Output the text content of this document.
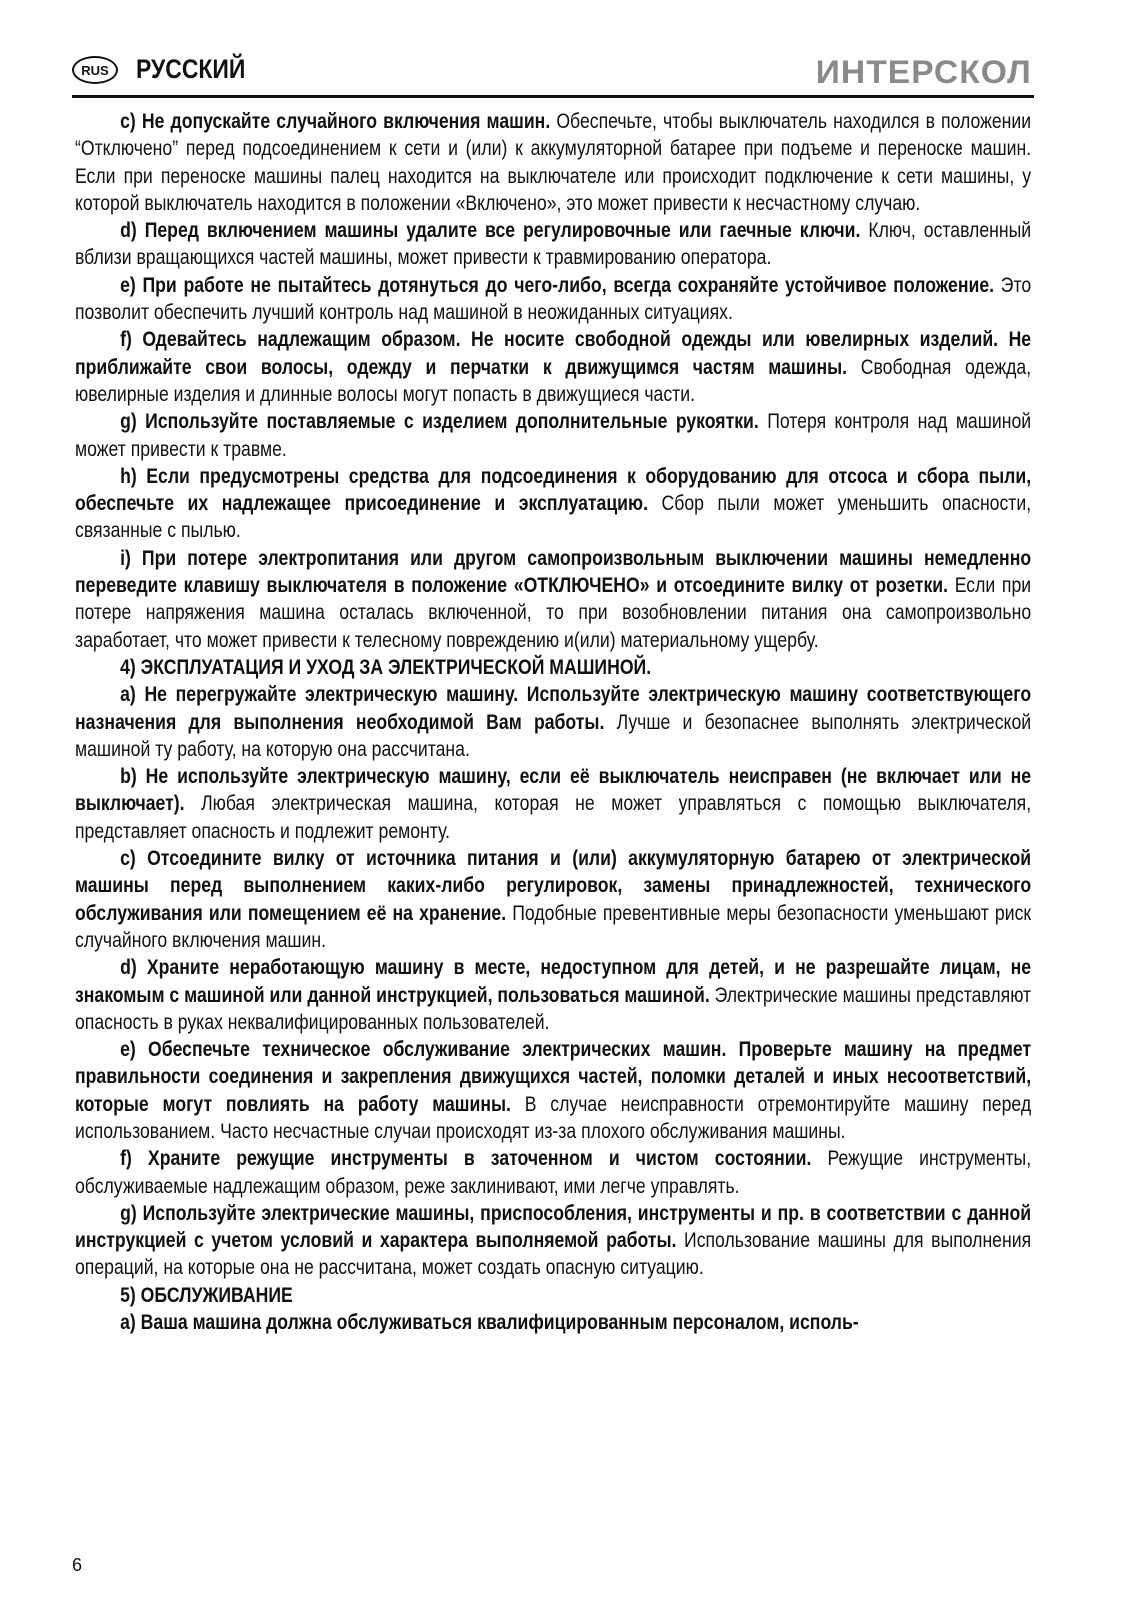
RUS	РУССКИЙ	ИНТЕРСКОЛ

c) Не допускайте случайного включения машин. Обеспечьте, чтобы выключатель находился в положении “Отключено” перед подсоединением к сети и (или) к аккумуляторной батарее при подъеме и переноске машин. Если при переноске машины палец находится на выключателе или происходит подключение к сети машины, у которой выключатель находится в положении «Включено», это может привести к несчастному случаю.

d) Перед включением машины удалите все регулировочные или гаечные ключи. Ключ, оставленный вблизи вращающихся частей машины, может привести к травмированию оператора.

e) При работе не пытайтесь дотянуться до чего-либо, всегда сохраняйте устойчивое положение. Это позволит обеспечить лучший контроль над машиной в неожиданных ситуациях.

f) Одевайтесь надлежащим образом. Не носите свободной одежды или ювелирных изделий. Не приближайте свои волосы, одежду и перчатки к движущимся частям машины. Свободная одежда, ювелирные изделия и длинные волосы могут попасть в движущиеся части.

g) Используйте поставляемые с изделием дополнительные рукоятки. Потеря контроля над машиной может привести к травме.

h) Если предусмотрены средства для подсоединения к оборудованию для отсоса и сбора пыли, обеспечьте их надлежащее присоединение и эксплуатацию. Сбор пыли может уменьшить опасности, связанные с пылью.

i) При потере электропитания или другом самопроизвольным выключении машины немедленно переведите клавишу выключателя в положение «ОТКЛЮЧЕНО» и отсоедините вилку от розетки. Если при потере напряжения машина осталась включенной, то при возобновлении питания она самопроизвольно заработает, что может привести к телесному повреждению и(или) материальному ущербу.

4) ЭКСПЛУАТАЦИЯ И УХОД ЗА ЭЛЕКТРИЧЕСКОЙ МАШИНОЙ.

a) Не перегружайте электрическую машину. Используйте электрическую машину соответствующего назначения для выполнения необходимой Вам работы. Лучше и безопаснее выполнять электрической машиной ту работу, на которую она рассчитана.

b) Не используйте электрическую машину, если её выключатель неисправен (не включает или не выключает). Любая электрическая машина, которая не может управляться с помощью выключателя, представляет опасность и подлежит ремонту.

c) Отсоедините вилку от источника питания и (или) аккумуляторную батарею от электрической машины перед выполнением каких-либо регулировок, замены принадлежностей, технического обслуживания или помещением её на хранение. Подобные превентивные меры безопасности уменьшают риск случайного включения машин.

d) Храните неработающую машину в месте, недоступном для детей, и не разрешайте лицам, не знакомым с машиной или данной инструкцией, пользоваться машиной. Электрические машины представляют опасность в руках неквалифицированных пользователей.

e) Обеспечьте техническое обслуживание электрических машин. Проверьте машину на предмет правильности соединения и закрепления движущихся частей, поломки деталей и иных несоответствий, которые могут повлиять на работу машины. В случае неисправности отремонтируйте машину перед использованием. Часто несчастные случаи происходят из-за плохого обслуживания машины.

f) Храните режущие инструменты в заточенном и чистом состоянии. Режущие инструменты, обслуживаемые надлежащим образом, реже заклинивают, ими легче управлять.

g) Используйте электрические машины, приспособления, инструменты и пр. в соответствии с данной инструкцией с учетом условий и характера выполняемой работы. Использование машины для выполнения операций, на которые она не рассчитана, может создать опасную ситуацию.

5) ОБСЛУЖИВАНИЕ

a) Ваша машина должна обслуживаться квалифицированным персоналом, исполь-

6
